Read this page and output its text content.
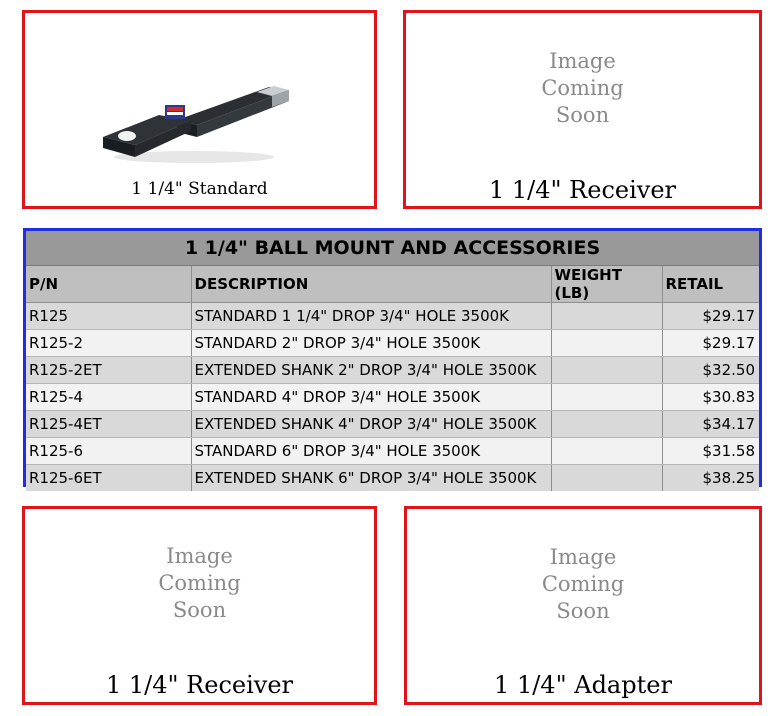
1 1/4" Standard
Image
Coming
Soon
1 1/4" Receiver
1 1/4" BALL MOUNT AND ACCESSORIES			
P/N	DESCRIPTION	WEIGHT (LB)	RETAIL
R125	STANDARD 1 1/4" DROP 3/4" HOLE 3500K		$29.17
R125-2	STANDARD 2" DROP 3/4" HOLE 3500K		$29.17
R125-2ET	EXTENDED SHANK 2" DROP 3/4" HOLE 3500K		$32.50
R125-4	STANDARD 4" DROP 3/4" HOLE 3500K		$30.83
R125-4ET	EXTENDED SHANK 4" DROP 3/4" HOLE 3500K		$34.17
R125-6	STANDARD 6" DROP 3/4" HOLE 3500K		$31.58
R125-6ET	EXTENDED SHANK 6" DROP 3/4" HOLE 3500K		$38.25
Image
Coming
Soon
1 1/4" Receiver
Image
Coming
Soon
1 1/4" Adapter
